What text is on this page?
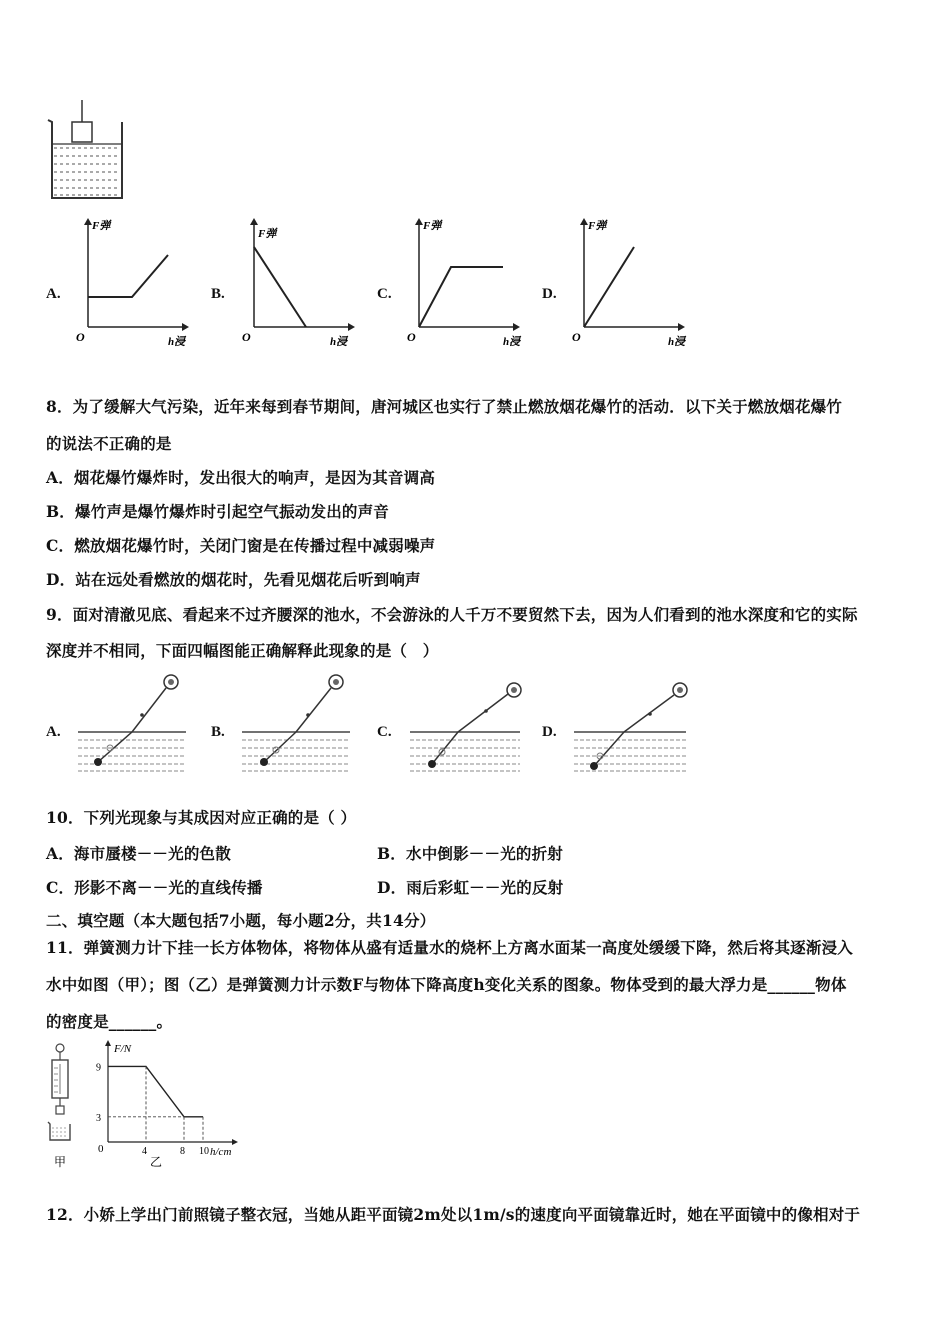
A.
F弹
h浸
O
B.
F弹
h浸
O
C.
F弹
h浸
O
D.
F弹
h浸
O
8．为了缓解大气污染，近年来每到春节期间，唐河城区也实行了禁止燃放烟花爆竹的活动．以下关于燃放烟花爆竹
的说法不正确的是
A．烟花爆竹爆炸时，发出很大的响声，是因为其音调高
B．爆竹声是爆竹爆炸时引起空气振动发出的声音
C．燃放烟花爆竹时，关闭门窗是在传播过程中减弱噪声
D．站在远处看燃放的烟花时，先看见烟花后听到响声
9．面对清澈见底、看起来不过齐腰深的池水，不会游泳的人千万不要贸然下去，因为人们看到的池水深度和它的实际
深度并不相同，下面四幅图能正确解释此现象的是（　）
A.	B.	C.	D.
10．下列光现象与其成因对应正确的是（ ）
A．海市蜃楼－－光的色散	B．水中倒影－－光的折射
C．形影不离－－光的直线传播	D．雨后彩虹－－光的反射
二、填空题（本大题包括7小题，每小题2分，共14分）
11．弹簧测力计下挂一长方体物体，将物体从盛有适量水的烧杯上方离水面某一高度处缓缓下降，然后将其逐渐浸入
水中如图（甲）；图（乙）是弹簧测力计示数F与物体下降高度h变化关系的图象。物体受到的最大浮力是______物体
的密度是______。
甲
4	8 10
9
3
F/N
h/cm
0
乙
12．小娇上学出门前照镜子整衣冠，当她从距平面镜2m处以1m/s的速度向平面镜靠近时，她在平面镜中的像相对于
